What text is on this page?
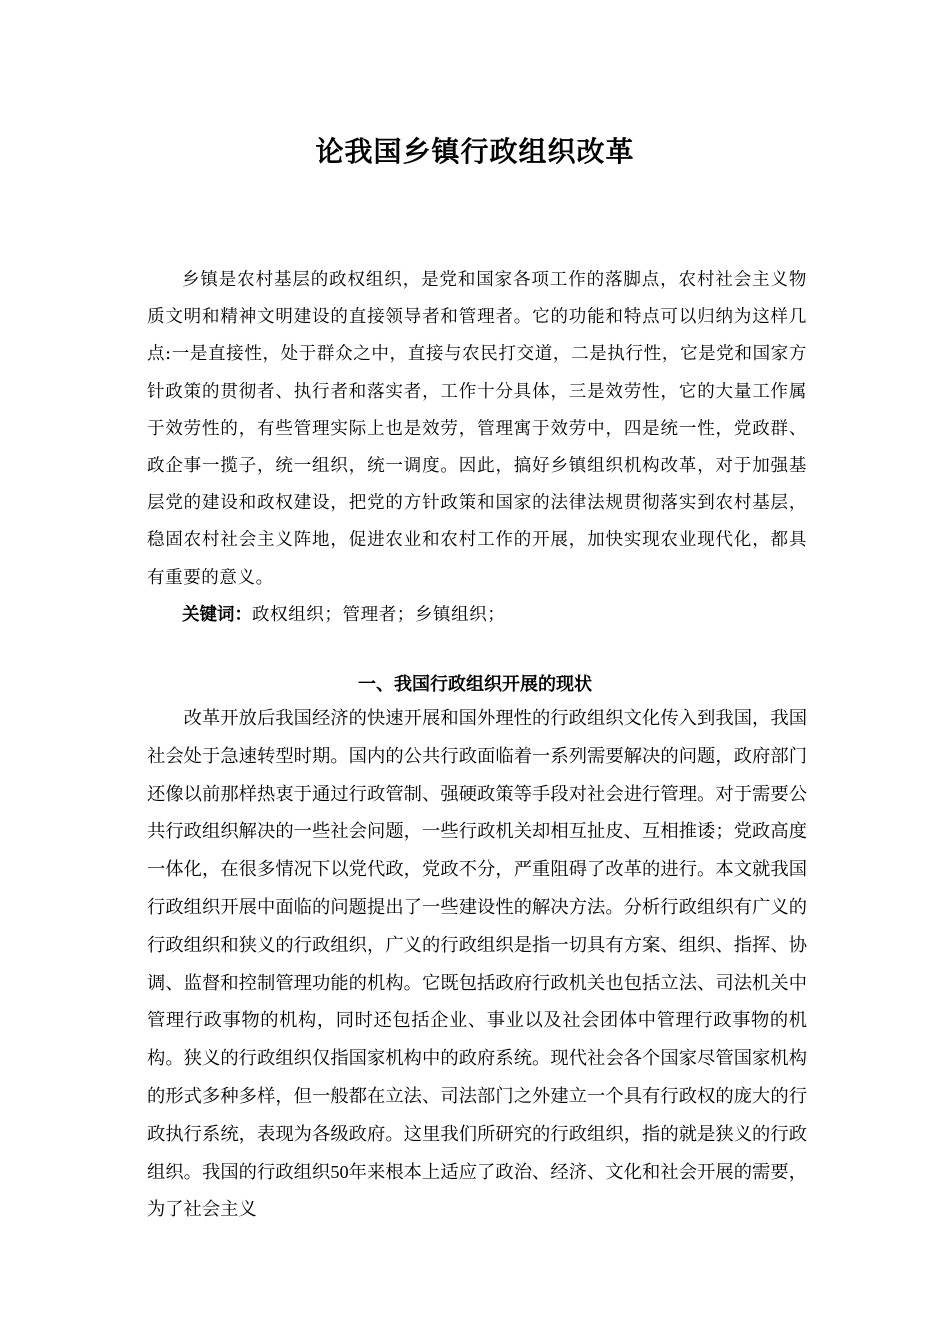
论我国乡镇行政组织改革

乡镇是农村基层的政权组织，是党和国家各项工作的落脚点，农村社会主义物质文明和精神文明建设的直接领导者和管理者。它的功能和特点可以归纳为这样几点:一是直接性，处于群众之中，直接与农民打交道，二是执行性，它是党和国家方针政策的贯彻者、执行者和落实者，工作十分具体，三是效劳性，它的大量工作属于效劳性的，有些管理实际上也是效劳，管理寓于效劳中，四是统一性，党政群、政企事一揽子，统一组织，统一调度。因此，搞好乡镇组织机构改革，对于加强基层党的建设和政权建设，把党的方针政策和国家的法律法规贯彻落实到农村基层，稳固农村社会主义阵地，促进农业和农村工作的开展，加快实现农业现代化，都具有重要的意义。

关键词：政权组织；管理者；乡镇组织；

一、我国行政组织开展的现状

改革开放后我国经济的快速开展和国外理性的行政组织文化传入到我国，我国社会处于急速转型时期。国内的公共行政面临着一系列需要解决的问题，政府部门还像以前那样热衷于通过行政管制、强硬政策等手段对社会进行管理。对于需要公共行政组织解决的一些社会问题，一些行政机关却相互扯皮、互相推诿；党政高度一体化，在很多情况下以党代政，党政不分，严重阻碍了改革的进行。本文就我国行政组织开展中面临的问题提出了一些建设性的解决方法。分析行政组织有广义的行政组织和狭义的行政组织，广义的行政组织是指一切具有方案、组织、指挥、协调、监督和控制管理功能的机构。它既包括政府行政机关也包括立法、司法机关中管理行政事物的机构，同时还包括企业、事业以及社会团体中管理行政事物的机构。狭义的行政组织仅指国家机构中的政府系统。现代社会各个国家尽管国家机构的形式多种多样，但一般都在立法、司法部门之外建立一个具有行政权的庞大的行政执行系统，表现为各级政府。这里我们所研究的行政组织，指的就是狭义的行政组织。我国的行政组织50年来根本上适应了政治、经济、文化和社会开展的需要，为了社会主义
